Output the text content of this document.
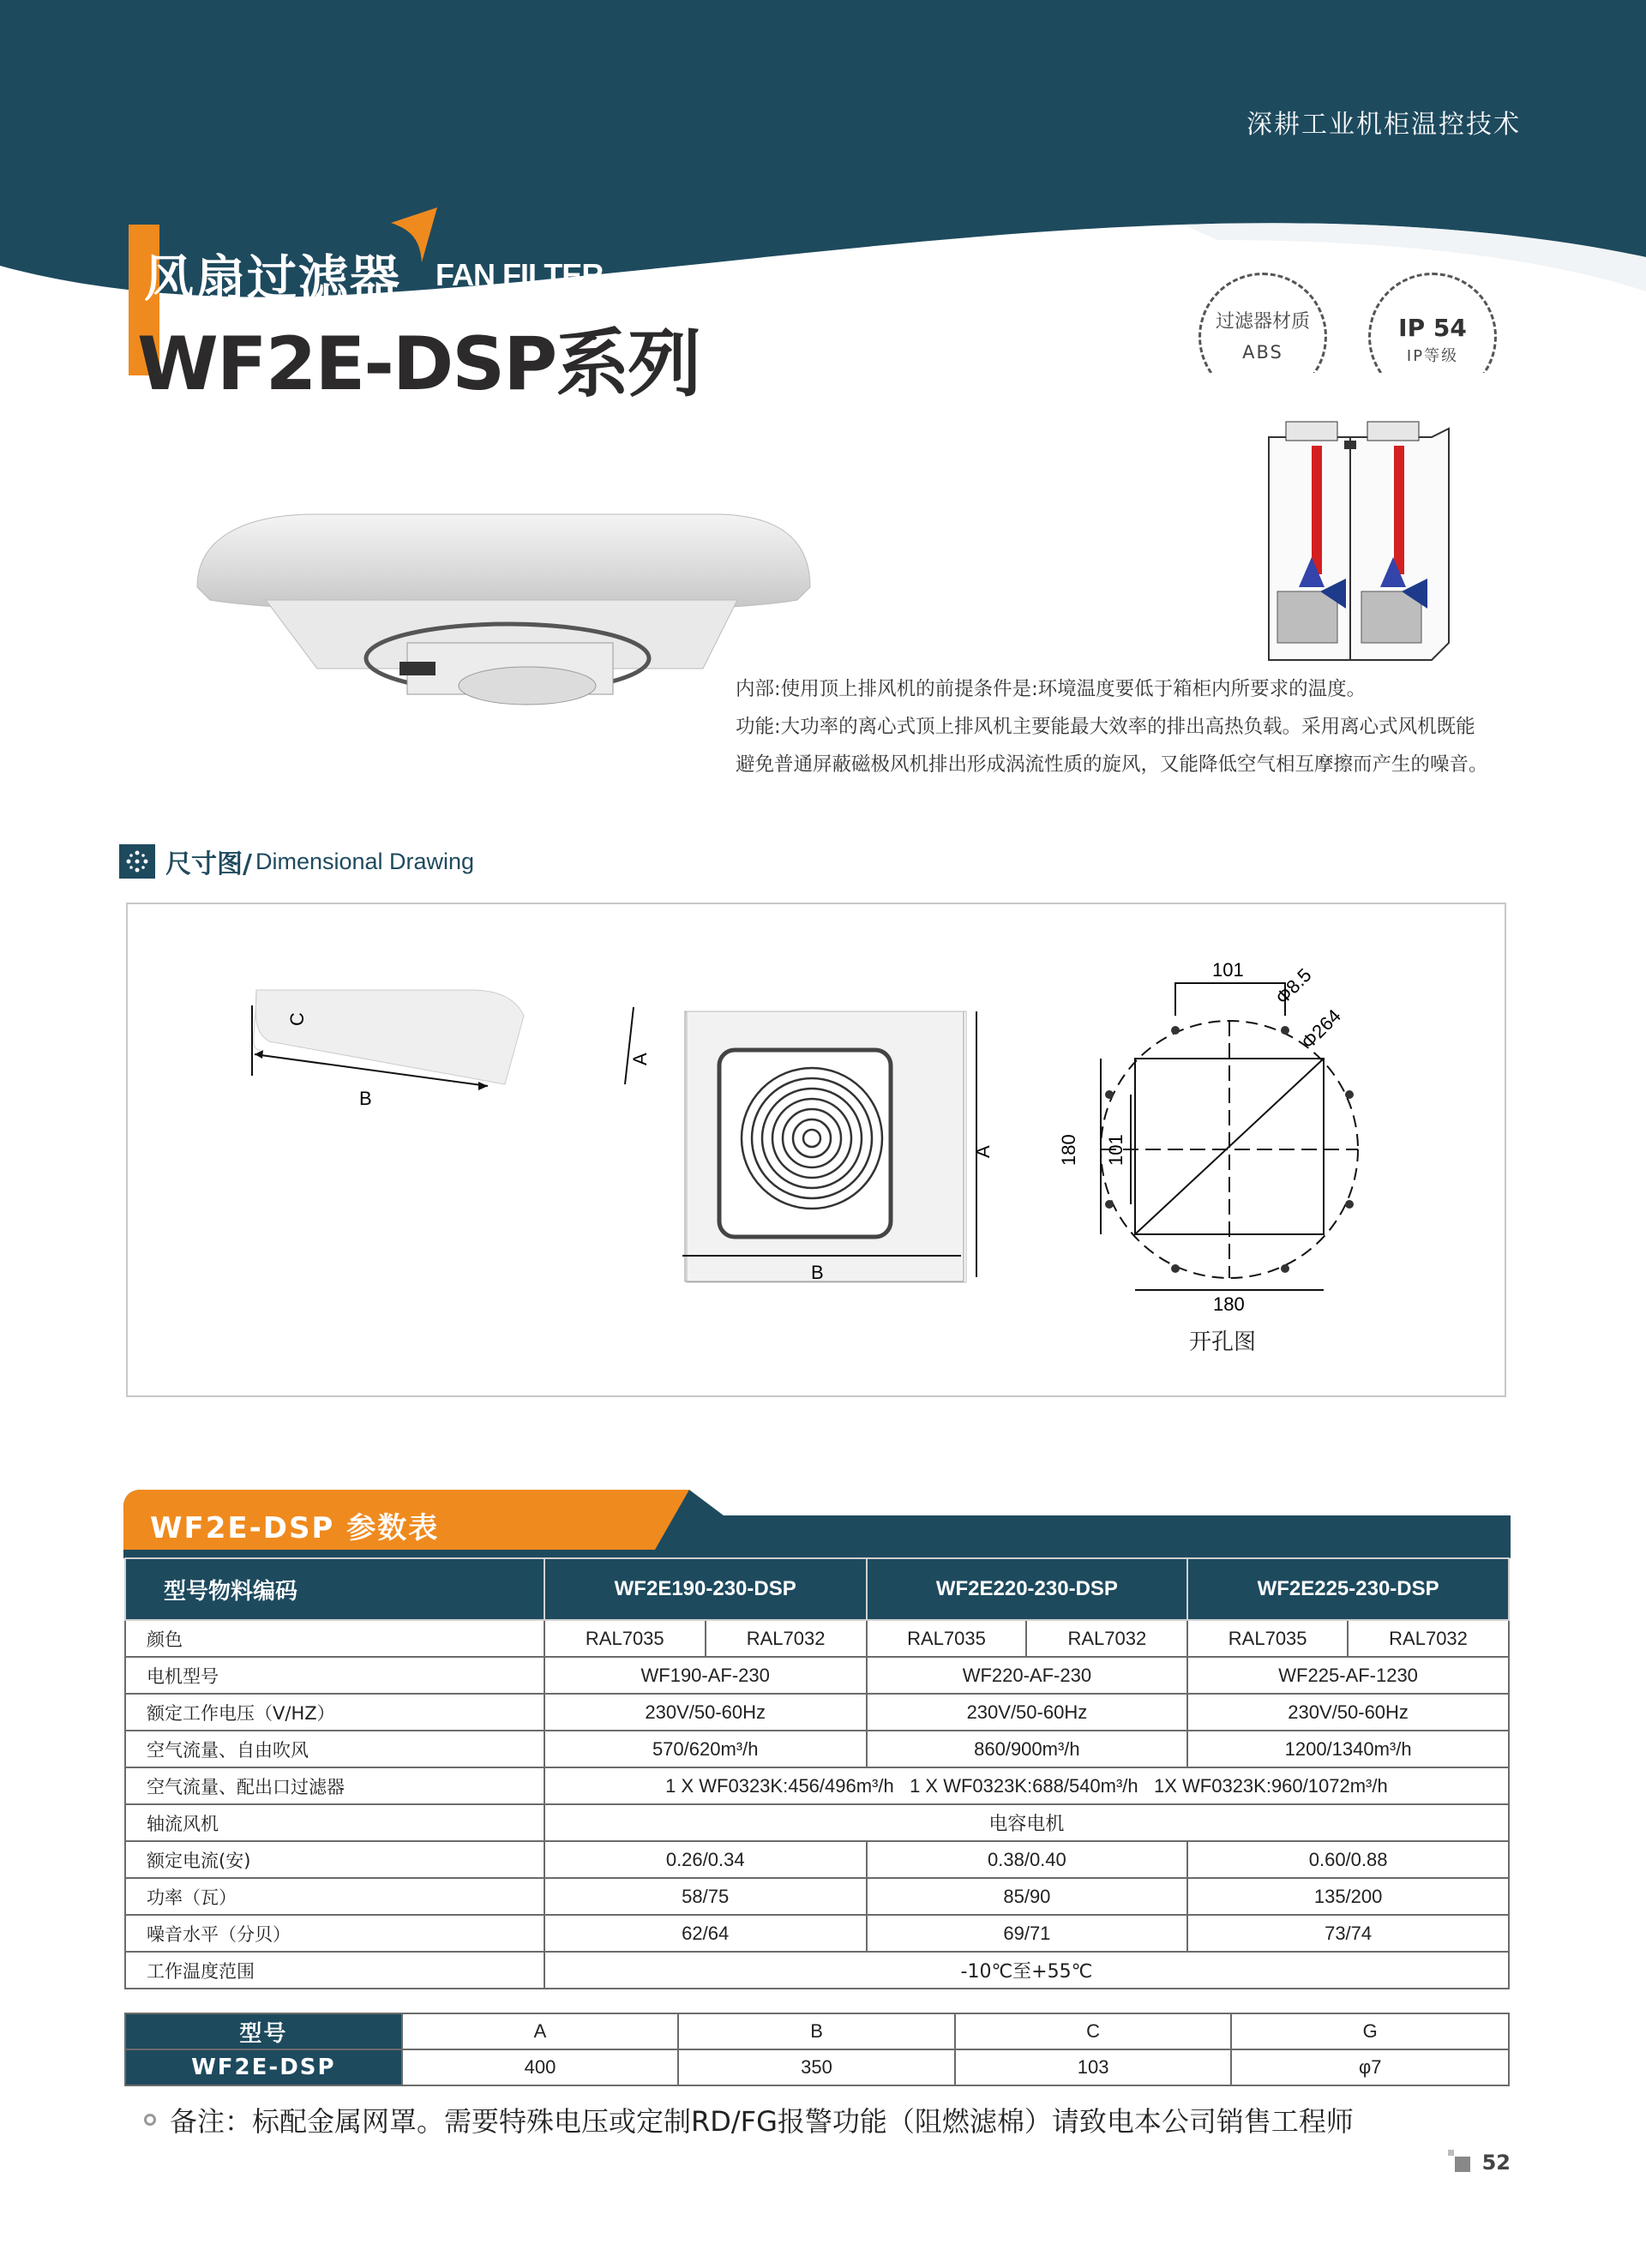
深耕工业机柜温控技术
风扇过滤器 FAN FILTER
WF2E-DSP系列	过滤器材质
ABS
IP 54
IP等级
内部:使用顶上排风机的前提条件是:环境温度要低于箱柜内所要求的温度。
功能:大功率的离心式顶上排风机主要能最大效率的排出高热负载。采用离心式风机既能
避免普通屏蔽磁极风机排出形成涡流性质的旋风，又能降低空气相互摩擦而产生的噪音。
尺寸图/ Dimensional Drawing
C
B
A
B
A
101 Φ8.5
Φ264
180 101
180
开孔图
WF2E-DSP 参数表
型号物料编码	WF2E190-230-DSP		WF2E220-230-DSP		WF2E225-230-DSP	
颜色	RAL7035	RAL7032	RAL7035	RAL7032	RAL7035	RAL7032
电机型号	WF190-AF-230		WF220-AF-230		WF225-AF-1230	
额定工作电压（V/HZ）	230V/50-60Hz		230V/50-60Hz		230V/50-60Hz	
空气流量、自由吹风	570/620m³/h		860/900m³/h		1200/1340m³/h	
空气流量、配出口过滤器	1 X WF0323K:456/496m³/h   1 X WF0323K:688/540m³/h   1X WF0323K:960/1072m³/h					
轴流风机	电容电机					
额定电流(安)	0.26/0.34		0.38/0.40		0.60/0.88	
功率（瓦）	58/75		85/90		135/200	
噪音水平（分贝）	62/64		69/71		73/74	
工作温度范围	-10℃至+55℃					
型号	A	B	C	G
WF2E-DSP	400	350	103	φ7
备注：标配金属网罩。需要特殊电压或定制RD/FG报警功能（阻燃滤棉）请致电本公司销售工程师
52
